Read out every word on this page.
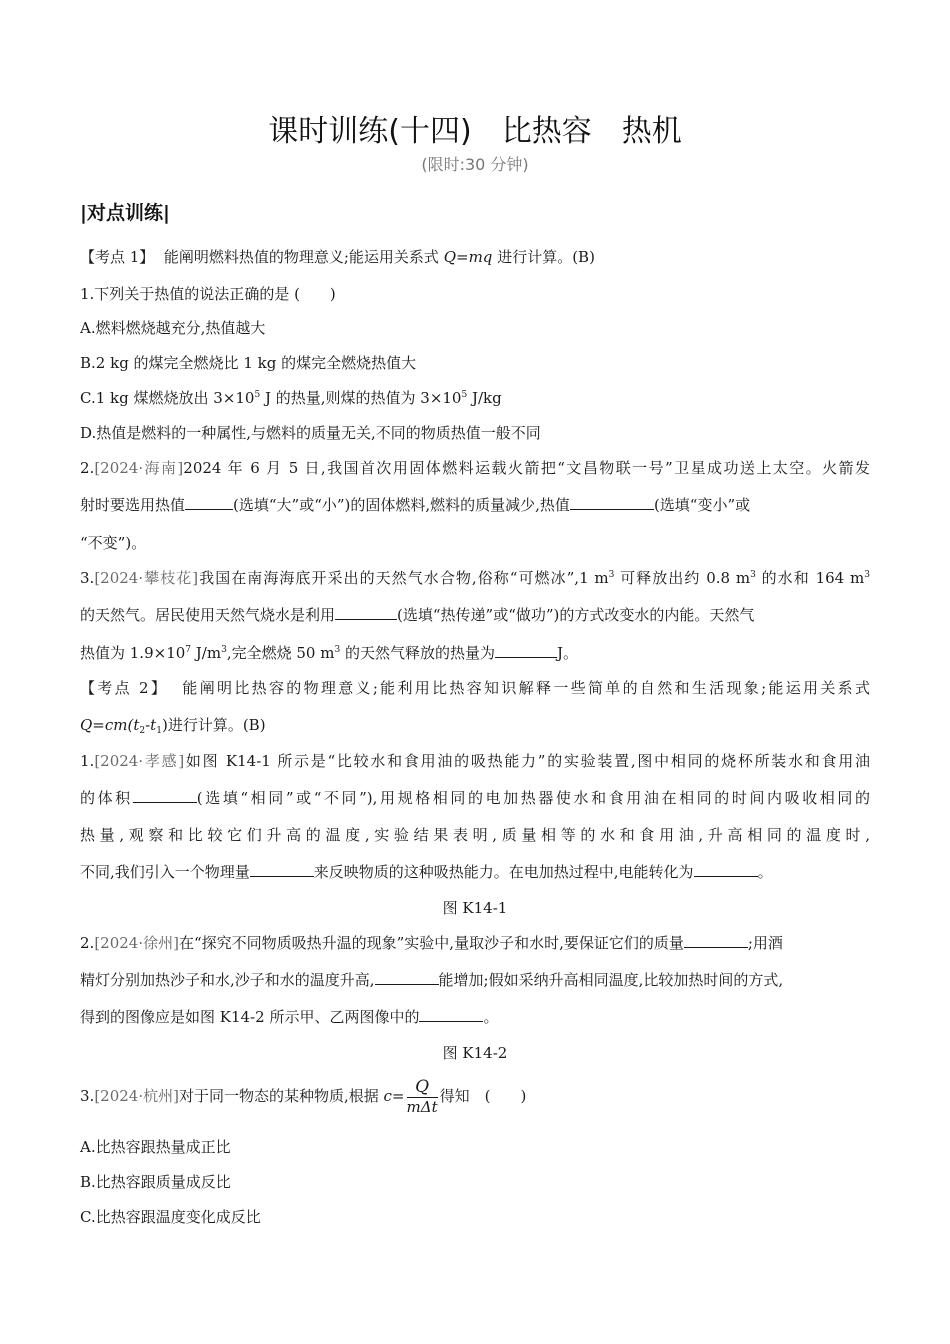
课时训练(十四)　比热容　热机
(限时:30 分钟)
|对点训练|
【考点 1】 能阐明燃料热值的物理意义;能运用关系式 Q=mq 进行计算。(B)
1.下列关于热值的说法正确的是 (　　)
A.燃料燃烧越充分,热值越大
B.2 kg 的煤完全燃烧比 1 kg 的煤完全燃烧热值大
C.1 kg 煤燃烧放出 $3\times 10^5$ J 的热量,则煤的热值为 $3\times 10^5$ J/kg
D.热值是燃料的一种属性,与燃料的质量无关,不同的物质热值一般不同
2.[2024·海南]2024 年 6 月 5 日,我国首次用固体燃料运载火箭把“文昌物联一号”卫星成功送上太空。火箭发
射时要选用热值	(选填“大”或“小”)的固体燃料,燃料的质量减少,热值	(选填“变小”或
“不变”)。
3.[2024·攀枝花]我国在南海海底开采出的天然气水合物,俗称“可燃冰”,1 $m^3$ 可释放出约 0.8 $m^3$ 的水和 164 $m^3$
的天然气。居民使用天然气烧水是利用	(选填“热传递”或“做功”)的方式改变水的内能。天然气
热值为 $1.9\times 10^7$ $J/m^3$,完全燃烧 50 $m^3$ 的天然气释放的热量为	J。
【考点 2】 能阐明比热容的物理意义;能利用比热容知识解释一些简单的自然和生活现象;能运用关系式
$Q=cm(t_2-t_1)$进行计算。(B)
1.[2024·孝感]如图 K14-1 所示是“比较水和食用油的吸热能力”的实验装置,图中相同的烧杯所装水和食用油
的体积	(选填“相同”或“不同”),用规格相同的电加热器使水和食用油在相同的时间内吸收相同的
热量,观察和比较它们升高的温度,实验结果表明,质量相等的水和食用油,升高相同的温度时,
不同,我们引入一个物理量	来反映物质的这种吸热能力。在电加热过程中,电能转化为	。
图 K14-1
2.[2024·徐州]在“探究不同物质吸热升温的现象”实验中,量取沙子和水时,要保证它们的质量	;用酒
精灯分别加热沙子和水,沙子和水的温度升高,	能增加;假如采纳升高相同温度,比较加热时间的方式,
得到的图像应是如图 K14-2 所示甲、乙两图像中的	。
图 K14-2
3.[2024·杭州]对于同一物态的某种物质,根据 $c= \frac{Q}{\text{mΔt}}$ 得知　(　　)
A.比热容跟热量成正比
B.比热容跟质量成反比
C.比热容跟温度变化成反比
